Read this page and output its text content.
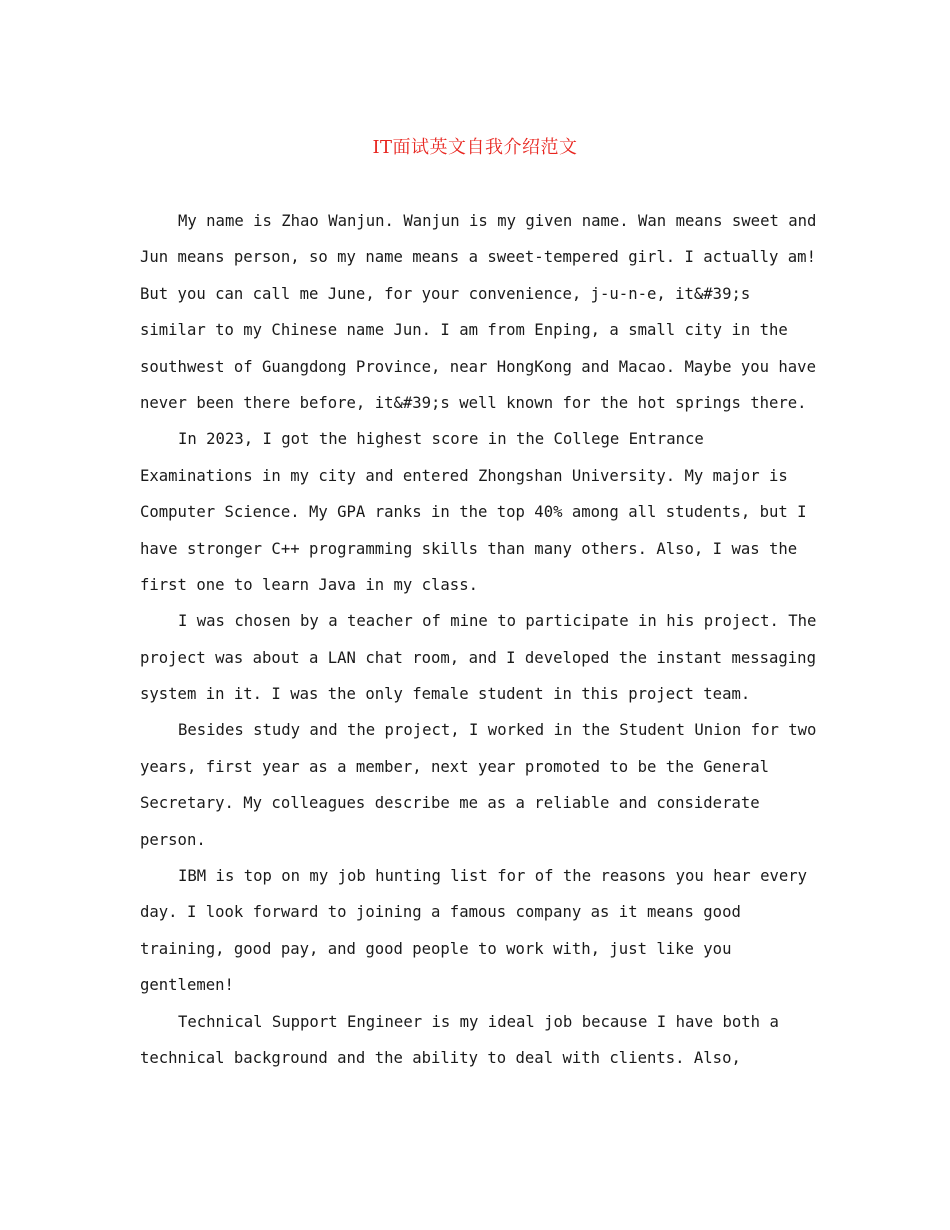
IT面试英文自我介绍范文
My name is Zhao Wanjun. Wanjun is my given name. Wan means sweet and
Jun means person, so my name means a sweet-tempered girl. I actually am!
But you can call me June, for your convenience, j-u-n-e, it&#39;s
similar to my Chinese name Jun. I am from Enping, a small city in the
southwest of Guangdong Province, near HongKong and Macao. Maybe you have
never been there before, it&#39;s well known for the hot springs there.
In 2023, I got the highest score in the College Entrance
Examinations in my city and entered Zhongshan University. My major is
Computer Science. My GPA ranks in the top 40% among all students, but I
have stronger C++ programming skills than many others. Also, I was the
first one to learn Java in my class.
I was chosen by a teacher of mine to participate in his project. The
project was about a LAN chat room, and I developed the instant messaging
system in it. I was the only female student in this project team.
Besides study and the project, I worked in the Student Union for two
years, first year as a member, next year promoted to be the General
Secretary. My colleagues describe me as a reliable and considerate
person.
IBM is top on my job hunting list for of the reasons you hear every
day. I look forward to joining a famous company as it means good
training, good pay, and good people to work with, just like you
gentlemen!
Technical Support Engineer is my ideal job because I have both a
technical background and the ability to deal with clients. Also,
